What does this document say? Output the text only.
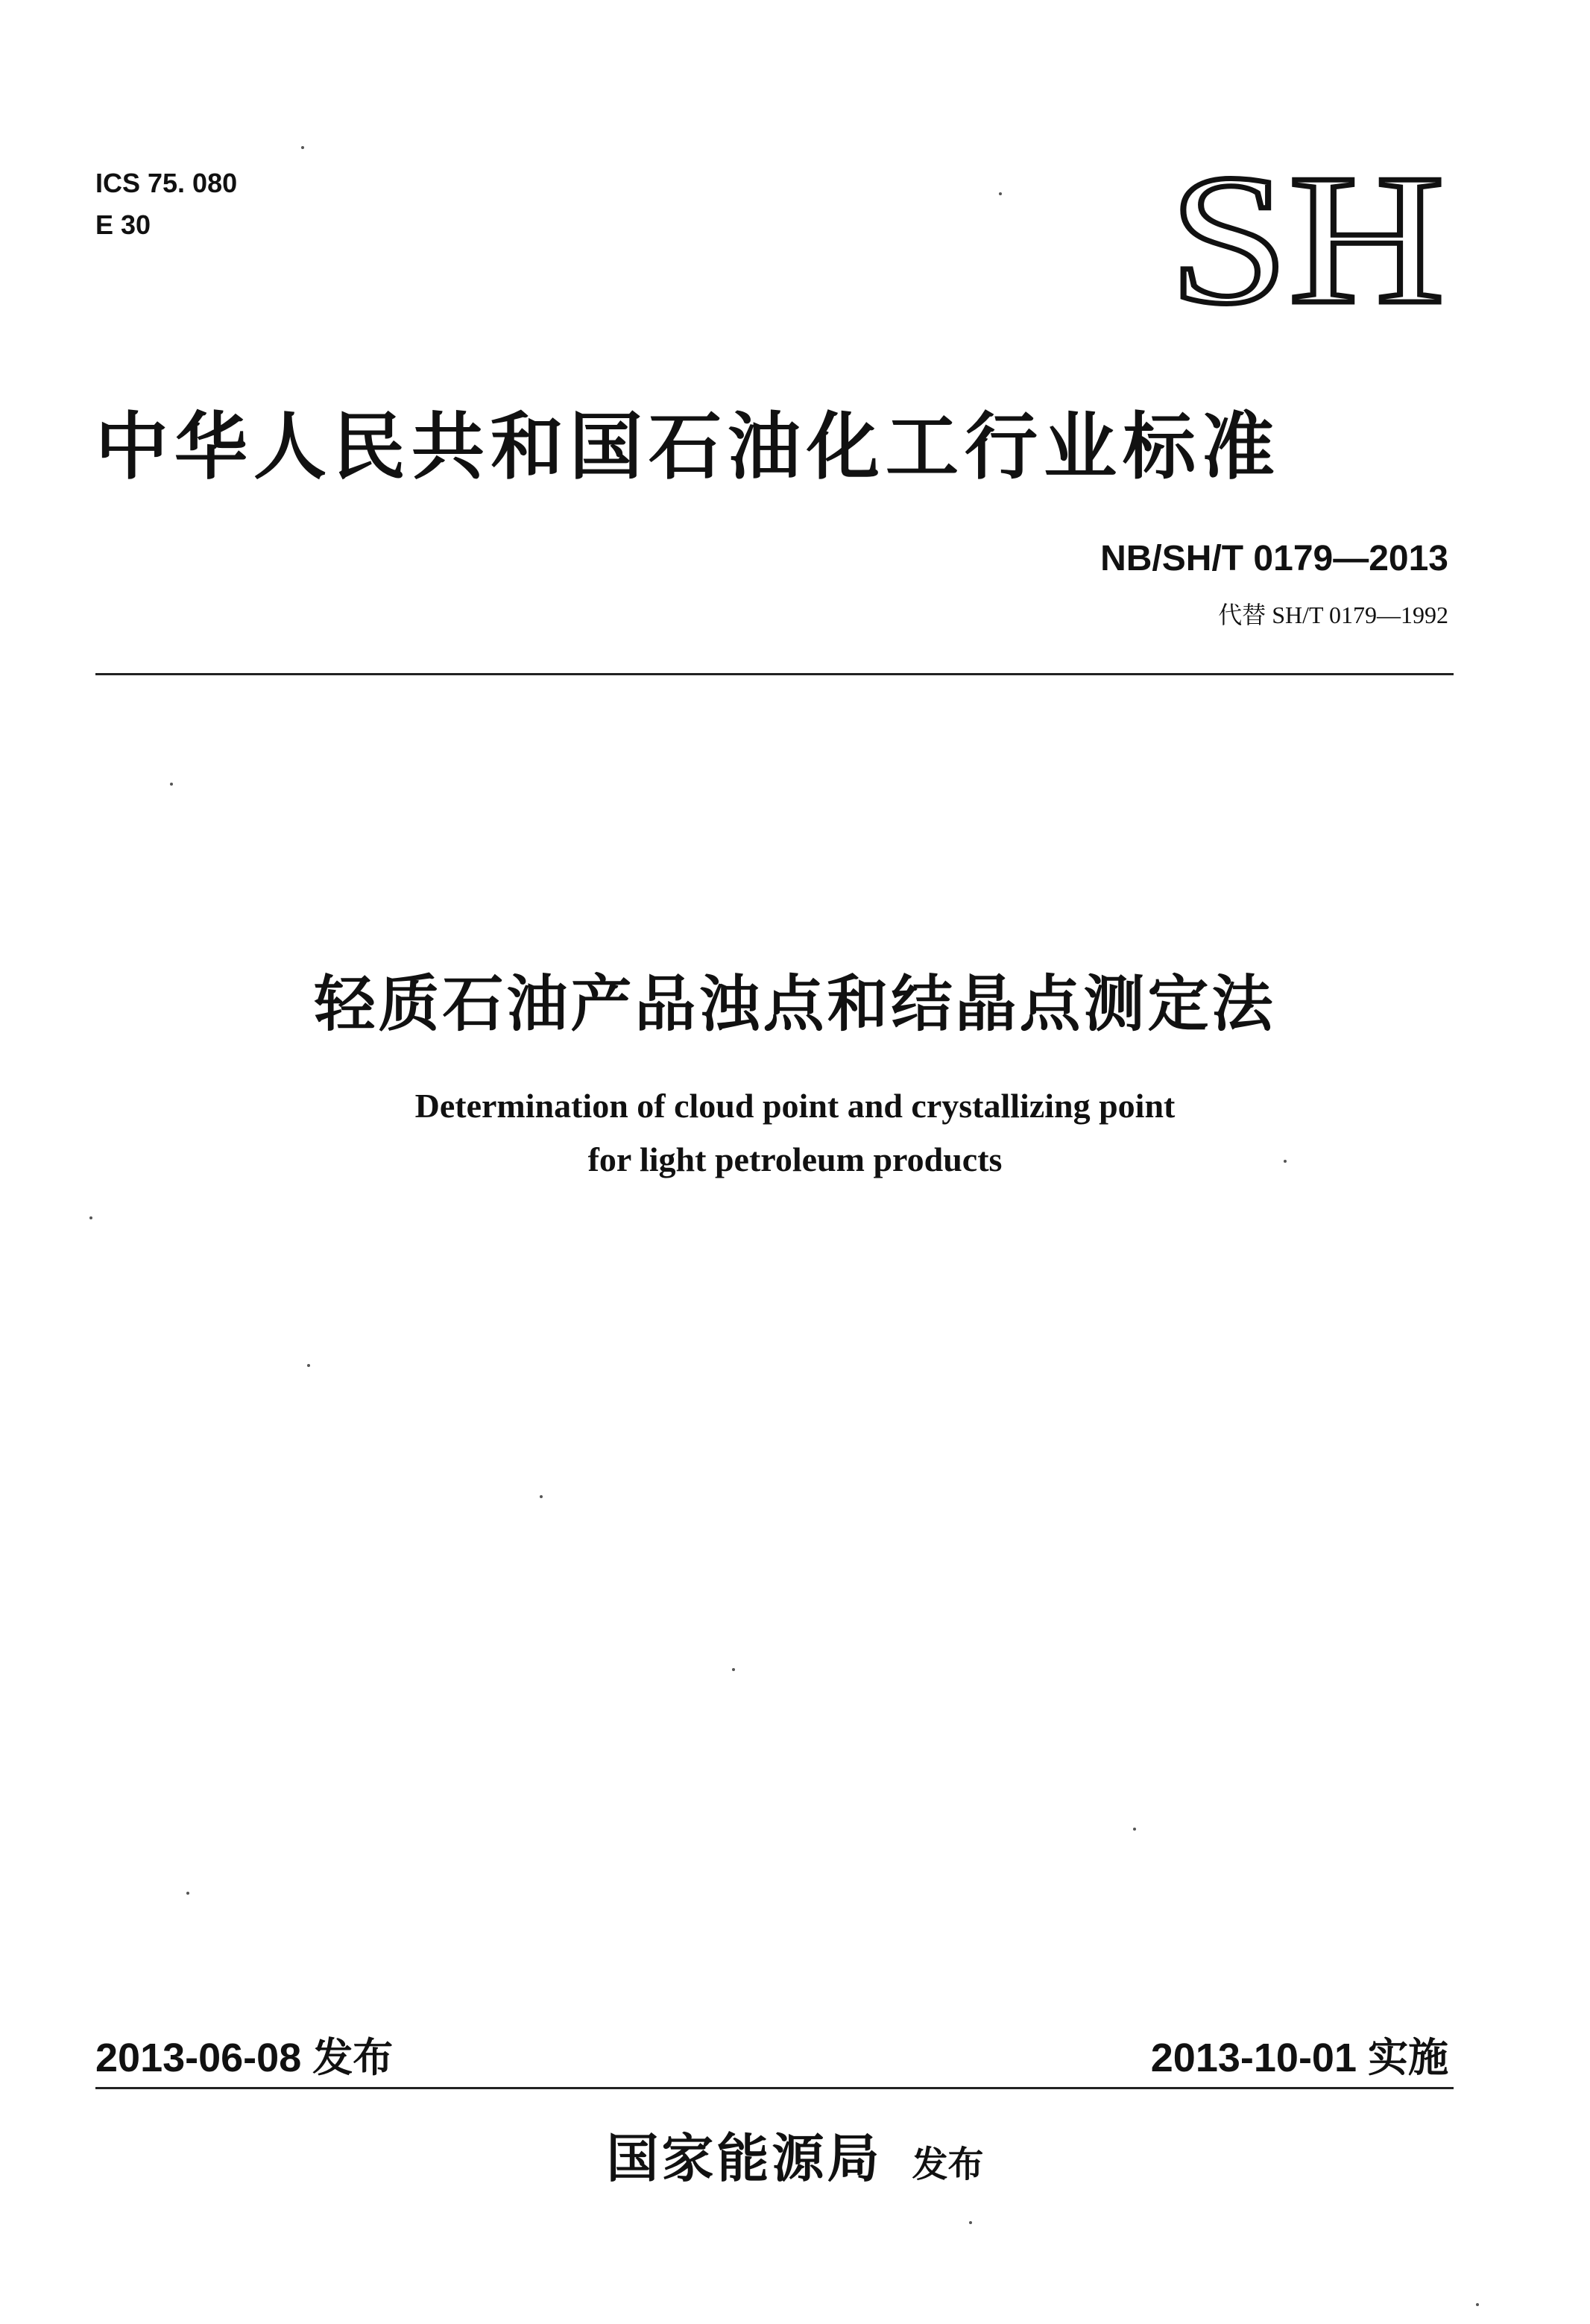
ICS 75. 080
E 30	SH
中华人民共和国石油化工行业标准
NB/SH/T 0179—2013
代替 SH/T 0179—1992
轻质石油产品浊点和结晶点测定法
Determination of cloud point and crystallizing point
for light petroleum products
2013-06-08 发布	2013-10-01 实施
国家能源局 发布
